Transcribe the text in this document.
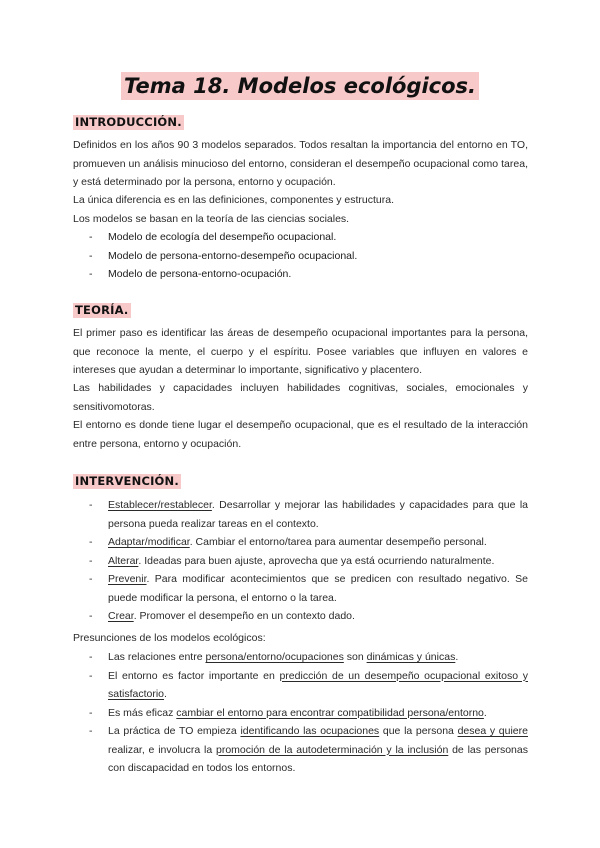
Tema 18. Modelos ecológicos.
INTRODUCCIÓN.
Definidos en los años 90 3 modelos separados. Todos resaltan la importancia del entorno en TO, promueven un análisis minucioso del entorno, consideran el desempeño ocupacional como tarea, y está determinado por la persona, entorno y ocupación.
La única diferencia es en las definiciones, componentes y estructura.
Los modelos se basan en la teoría de las ciencias sociales.
- Modelo de ecología del desempeño ocupacional.
- Modelo de persona-entorno-desempeño ocupacional.
- Modelo de persona-entorno-ocupación.
TEORÍA.
El primer paso es identificar las áreas de desempeño ocupacional importantes para la persona, que reconoce la mente, el cuerpo y el espíritu. Posee variables que influyen en valores e intereses que ayudan a determinar lo importante, significativo y placentero.
Las habilidades y capacidades incluyen habilidades cognitivas, sociales, emocionales y sensitivomotoras.
El entorno es donde tiene lugar el desempeño ocupacional, que es el resultado de la interacción entre persona, entorno y ocupación.
INTERVENCIÓN.
- Establecer/restablecer. Desarrollar y mejorar las habilidades y capacidades para que la persona pueda realizar tareas en el contexto.
- Adaptar/modificar. Cambiar el entorno/tarea para aumentar desempeño personal.
- Alterar. Ideadas para buen ajuste, aprovecha que ya está ocurriendo naturalmente.
- Prevenir. Para modificar acontecimientos que se predicen con resultado negativo. Se puede modificar la persona, el entorno o la tarea.
- Crear. Promover el desempeño en un contexto dado.
Presunciones de los modelos ecológicos:
- Las relaciones entre persona/entorno/ocupaciones son dinámicas y únicas.
- El entorno es factor importante en predicción de un desempeño ocupacional exitoso y satisfactorio.
- Es más eficaz cambiar el entorno para encontrar compatibilidad persona/entorno.
- La práctica de TO empieza identificando las ocupaciones que la persona desea y quiere realizar, e involucra la promoción de la autodeterminación y la inclusión de las personas con discapacidad en todos los entornos.
